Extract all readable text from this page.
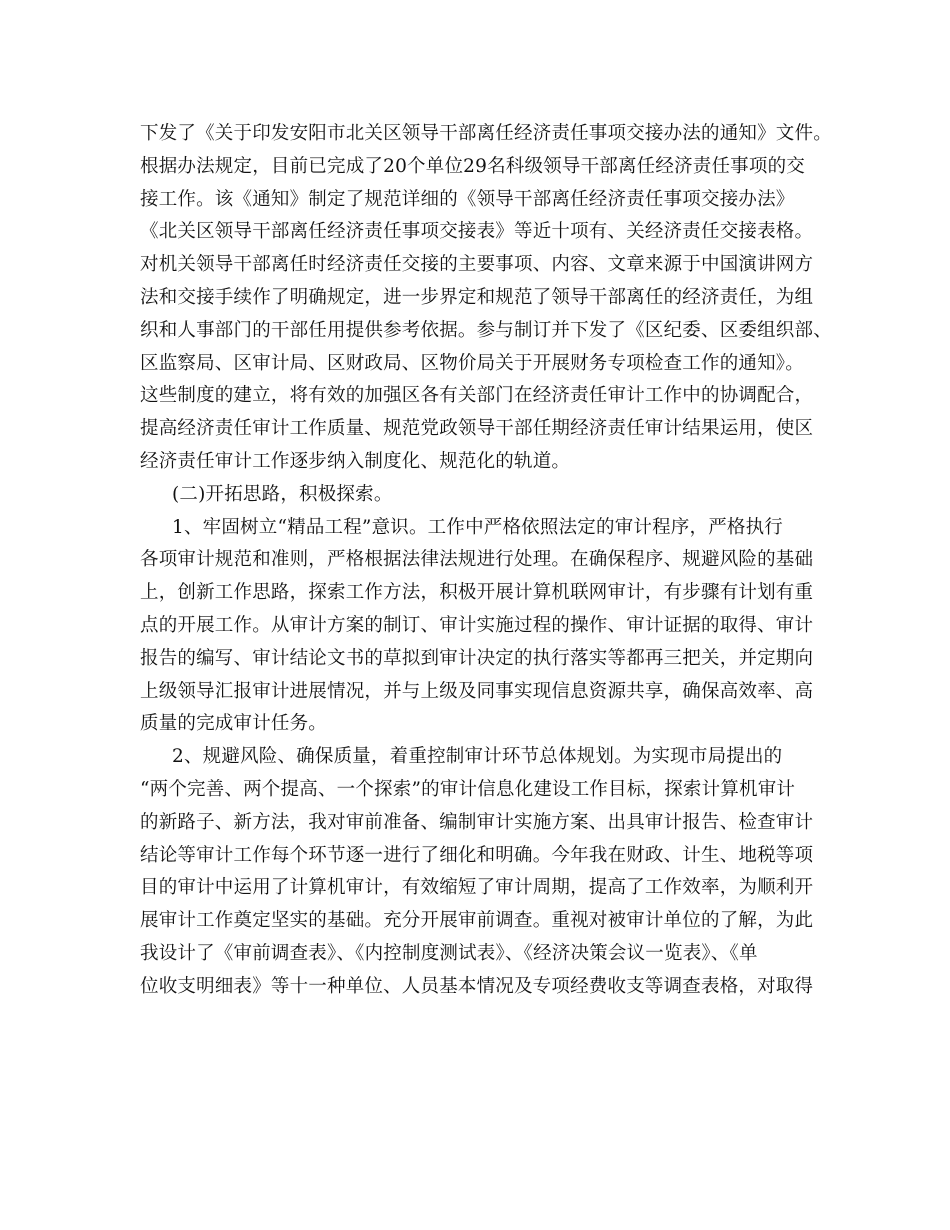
下发了《关于印发安阳市北关区领导干部离任经济责任事项交接办法的通知》文件。
根据办法规定，目前已完成了20个单位29名科级领导干部离任经济责任事项的交
接工作。该《通知》制定了规范详细的《领导干部离任经济责任事项交接办法》
《北关区领导干部离任经济责任事项交接表》等近十项有、关经济责任交接表格。
对机关领导干部离任时经济责任交接的主要事项、内容、文章来源于中国演讲网方
法和交接手续作了明确规定，进一步界定和规范了领导干部离任的经济责任，为组
织和人事部门的干部任用提供参考依据。参与制订并下发了《区纪委、区委组织部、
区监察局、区审计局、区财政局、区物价局关于开展财务专项检查工作的通知》。
这些制度的建立，将有效的加强区各有关部门在经济责任审计工作中的协调配合，
提高经济责任审计工作质量、规范党政领导干部任期经济责任审计结果运用，使区
经济责任审计工作逐步纳入制度化、规范化的轨道。
(二)开拓思路，积极探索。
1、牢固树立“精品工程”意识。工作中严格依照法定的审计程序，严格执行
各项审计规范和准则，严格根据法律法规进行处理。在确保程序、规避风险的基础
上，创新工作思路，探索工作方法，积极开展计算机联网审计，有步骤有计划有重
点的开展工作。从审计方案的制订、审计实施过程的操作、审计证据的取得、审计
报告的编写、审计结论文书的草拟到审计决定的执行落实等都再三把关，并定期向
上级领导汇报审计进展情况，并与上级及同事实现信息资源共享，确保高效率、高
质量的完成审计任务。
2、规避风险、确保质量，着重控制审计环节总体规划。为实现市局提出的
“两个完善、两个提高、一个探索”的审计信息化建设工作目标，探索计算机审计
的新路子、新方法，我对审前准备、编制审计实施方案、出具审计报告、检查审计
结论等审计工作每个环节逐一进行了细化和明确。今年我在财政、计生、地税等项
目的审计中运用了计算机审计，有效缩短了审计周期，提高了工作效率，为顺利开
展审计工作奠定坚实的基础。充分开展审前调查。重视对被审计单位的了解，为此
我设计了《审前调查表》、《内控制度测试表》、《经济决策会议一览表》、《单
位收支明细表》等十一种单位、人员基本情况及专项经费收支等调查表格，对取得
